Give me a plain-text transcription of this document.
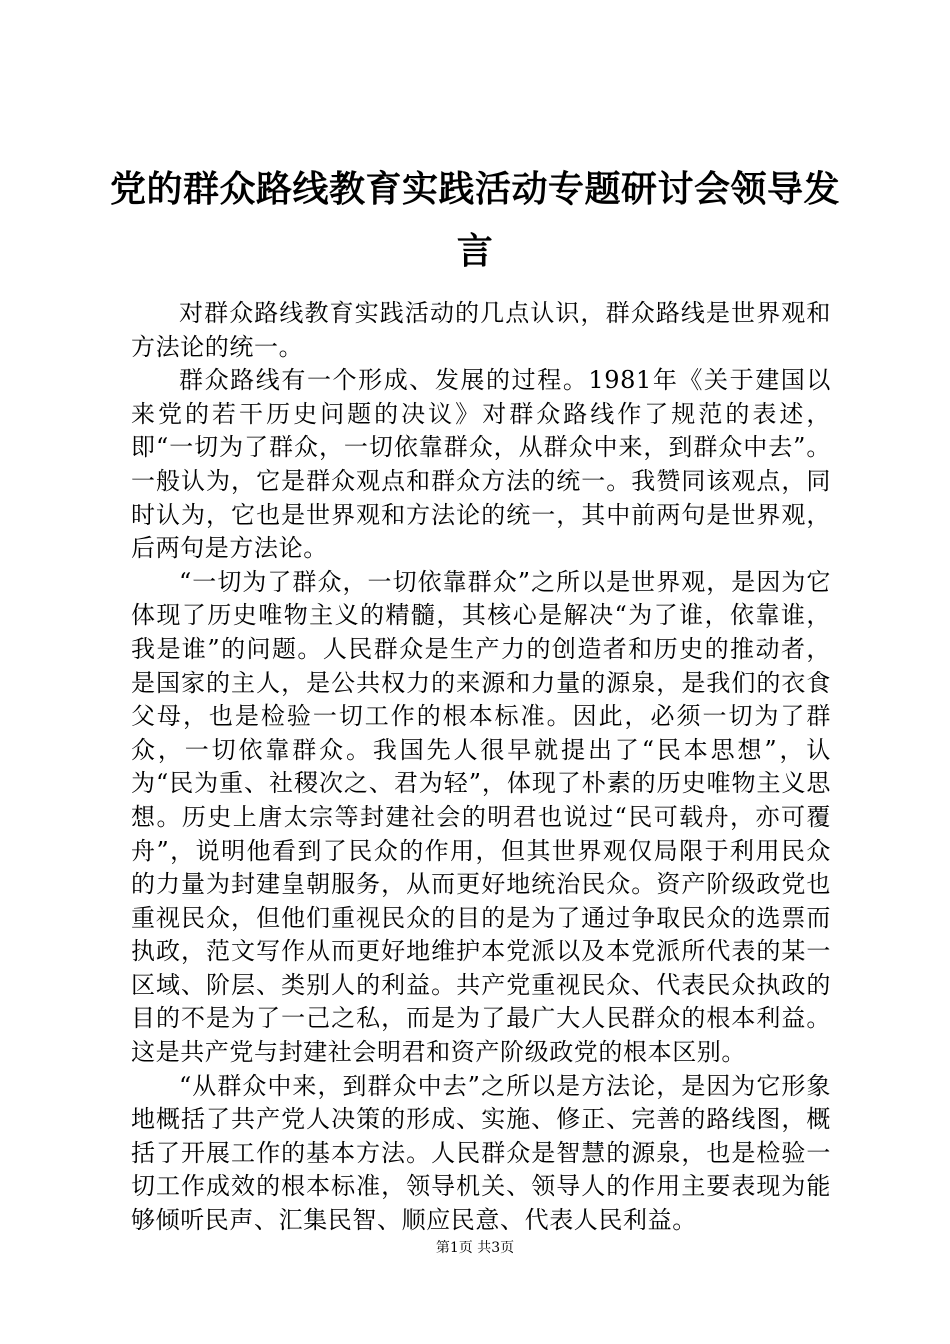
党的群众路线教育实践活动专题研讨会领导发言

对群众路线教育实践活动的几点认识，群众路线是世界观和方法论的统一。

群众路线有一个形成、发展的过程。1981年《关于建国以来党的若干历史问题的决议》对群众路线作了规范的表述，即“一切为了群众，一切依靠群众，从群众中来，到群众中去”。一般认为，它是群众观点和群众方法的统一。我赞同该观点，同时认为，它也是世界观和方法论的统一，其中前两句是世界观，后两句是方法论。

“一切为了群众，一切依靠群众”之所以是世界观，是因为它体现了历史唯物主义的精髓，其核心是解决“为了谁，依靠谁，我是谁”的问题。人民群众是生产力的创造者和历史的推动者，是国家的主人，是公共权力的来源和力量的源泉，是我们的衣食父母，也是检验一切工作的根本标准。因此，必须一切为了群众，一切依靠群众。我国先人很早就提出了“民本思想”，认为“民为重、社稷次之、君为轻”，体现了朴素的历史唯物主义思想。历史上唐太宗等封建社会的明君也说过“民可载舟，亦可覆舟”，说明他看到了民众的作用，但其世界观仅局限于利用民众的力量为封建皇朝服务，从而更好地统治民众。资产阶级政党也重视民众，但他们重视民众的目的是为了通过争取民众的选票而执政，范文写作从而更好地维护本党派以及本党派所代表的某一区域、阶层、类别人的利益。共产党重视民众、代表民众执政的目的不是为了一己之私，而是为了最广大人民群众的根本利益。这是共产党与封建社会明君和资产阶级政党的根本区别。

“从群众中来，到群众中去”之所以是方法论，是因为它形象地概括了共产党人决策的形成、实施、修正、完善的路线图，概括了开展工作的基本方法。人民群众是智慧的源泉，也是检验一切工作成效的根本标准，领导机关、领导人的作用主要表现为能够倾听民声、汇集民智、顺应民意、代表人民利益。

第1页 共3页
